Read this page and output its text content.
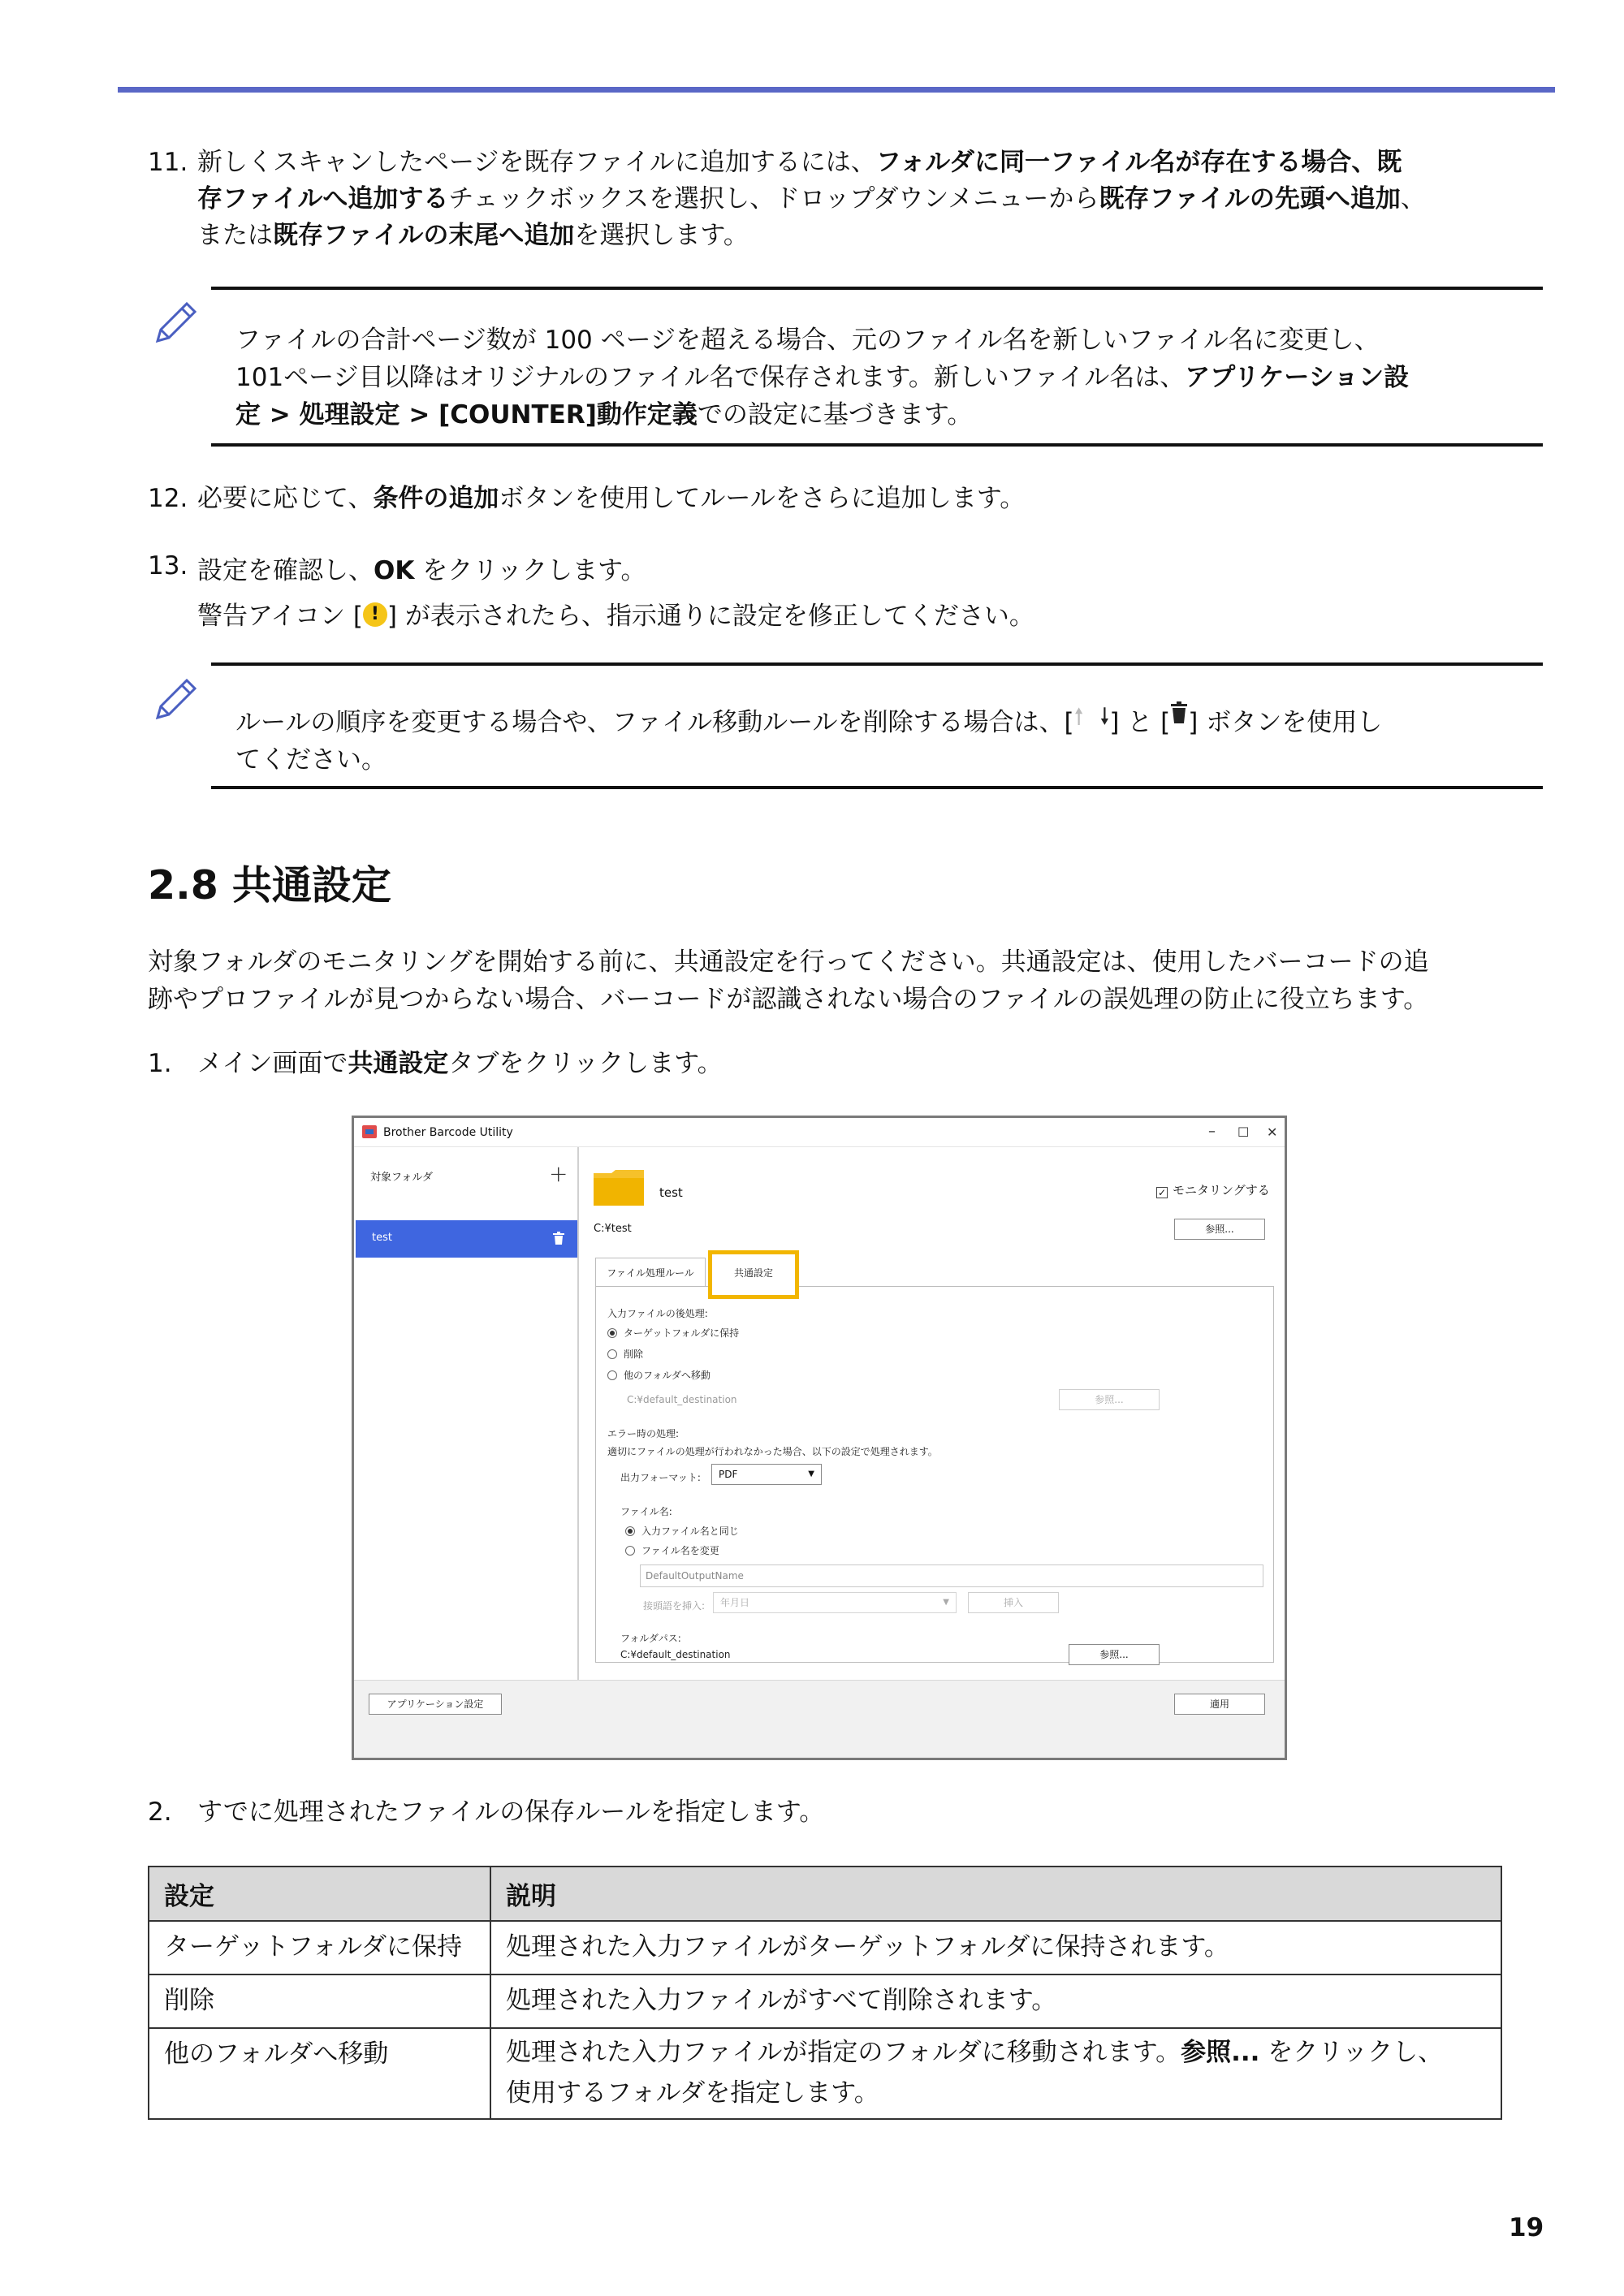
11. 新しくスキャンしたページを既存ファイルに追加するには、フォルダに同一ファイル名が存在する場合、既
存ファイルへ追加するチェックボックスを選択し、ドロップダウンメニューから既存ファイルの先頭へ追加、
または既存ファイルの末尾へ追加を選択します。
ファイルの合計ページ数が 100 ページを超える場合、元のファイル名を新しいファイル名に変更し、
101ページ目以降はオリジナルのファイル名で保存されます。新しいファイル名は、アプリケーション設
定 > 処理設定 > [COUNTER]動作定義での設定に基づきます。
12. 必要に応じて、条件の追加ボタンを使用してルールをさらに追加します。
13. 設定を確認し、OK をクリックします。
警告アイコン [ ! ] が表示されたら、指示通りに設定を修正してください。
ルールの順序を変更する場合や、ファイル移動ルールを削除する場合は、[🠕 🠗] と [ ] ボタンを使用し
てください。
2.8 共通設定
対象フォルダのモニタリングを開始する前に、共通設定を行ってください。共通設定は、使用したバーコードの追
跡やプロファイルが見つからない場合、バーコードが認識されない場合のファイルの誤処理の防止に役立ちます。
1. メイン画面で共通設定タブをクリックします。
Brother Barcode Utility	– ☐ ✕
対象フォルダ	+
test
test	✓ モニタリングする
C:¥test	参照...
ファイル処理ルール
入力ファイルの後処理:
ターゲットフォルダに保持
削除
他のフォルダへ移動
C:¥default_destination	参照...
エラー時の処理:
適切にファイルの処理が行われなかった場合、以下の設定で処理されます。
出力フォーマット:	PDF	▼
ファイル名:
入力ファイル名と同じ
ファイル名を変更
DefaultOutputName
接頭語を挿入:	年月日	▼	挿入
フォルダパス:
C:¥default_destination	参照...
共通設定
アプリケーション設定	適用
2. すでに処理されたファイルの保存ルールを指定します。
設定	説明
ターゲットフォルダに保持	処理された入力ファイルがターゲットフォルダに保持されます。
削除	処理された入力ファイルがすべて削除されます。
他のフォルダへ移動	処理された入力ファイルが指定のフォルダに移動されます。参照... をクリックし、
使用するフォルダを指定します。
19
